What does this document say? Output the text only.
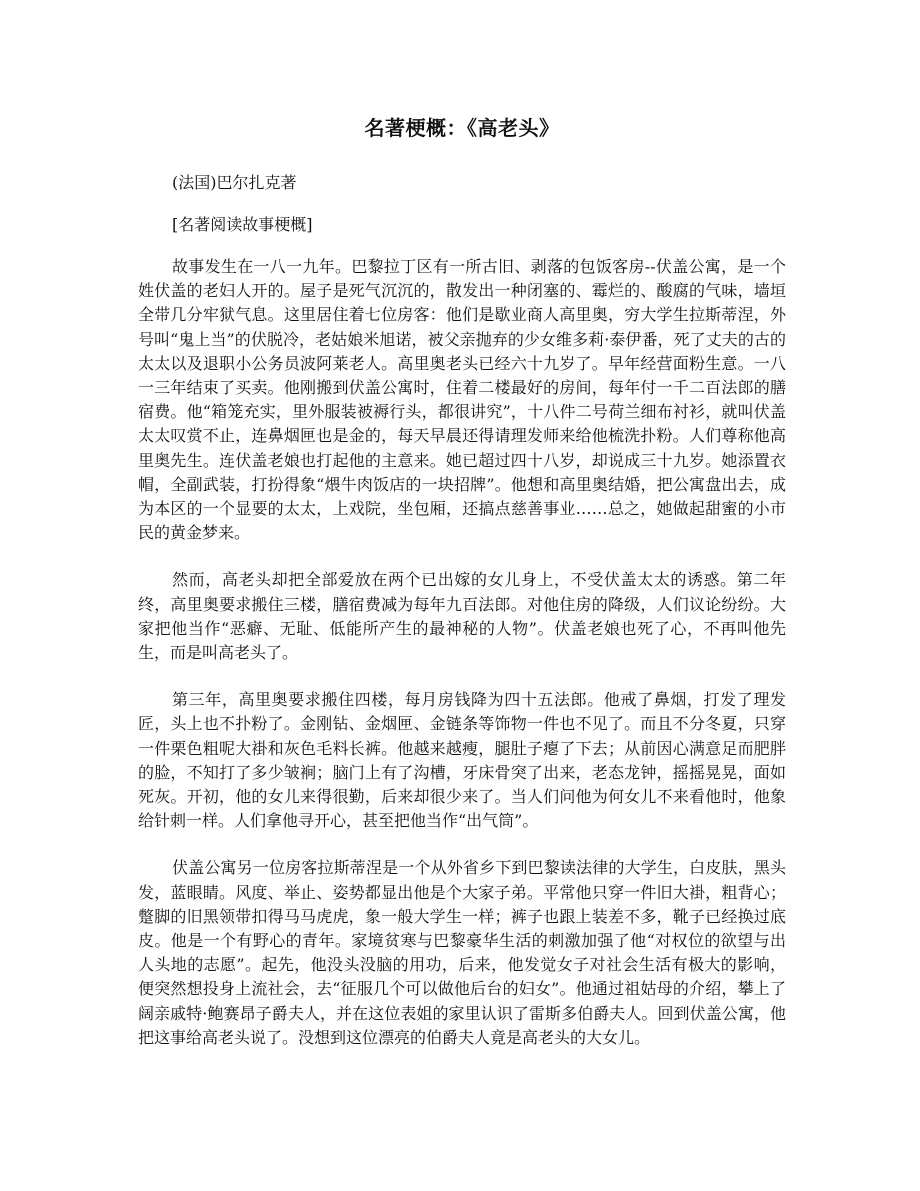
名著梗概：《高老头》

(法国)巴尔扎克著

[名著阅读故事梗概]

故事发生在一八一九年。巴黎拉丁区有一所古旧、剥落的包饭客房--伏盖公寓，是一个姓伏盖的老妇人开的。屋子是死气沉沉的，散发出一种闭塞的、霉烂的、酸腐的气味，墙垣全带几分牢狱气息。这里居住着七位房客：他们是歇业商人高里奥，穷大学生拉斯蒂涅，外号叫“鬼上当”的伏脱冷，老姑娘米旭诺，被父亲抛弃的少女维多莉·泰伊番，死了丈夫的古的太太以及退职小公务员波阿莱老人。高里奥老头已经六十九岁了。早年经营面粉生意。一八一三年结束了买卖。他刚搬到伏盖公寓时，住着二楼最好的房间，每年付一千二百法郎的膳宿费。他“箱笼充实，里外服装被褥行头，都很讲究”，十八件二号荷兰细布衬衫，就叫伏盖太太叹赏不止，连鼻烟匣也是金的，每天早晨还得请理发师来给他梳洗扑粉。人们尊称他高里奥先生。连伏盖老娘也打起他的主意来。她已超过四十八岁，却说成三十九岁。她添置衣帽，全副武装，打扮得象“煨牛肉饭店的一块招牌”。他想和高里奥结婚，把公寓盘出去，成为本区的一个显要的太太，上戏院，坐包厢，还搞点慈善事业……总之，她做起甜蜜的小市民的黄金梦来。

然而，高老头却把全部爱放在两个已出嫁的女儿身上，不受伏盖太太的诱惑。第二年终，高里奥要求搬住三楼，膳宿费减为每年九百法郎。对他住房的降级，人们议论纷纷。大家把他当作“恶癖、无耻、低能所产生的最神秘的人物”。伏盖老娘也死了心，不再叫他先生，而是叫高老头了。

第三年，高里奥要求搬住四楼，每月房钱降为四十五法郎。他戒了鼻烟，打发了理发匠，头上也不扑粉了。金刚钻、金烟匣、金链条等饰物一件也不见了。而且不分冬夏，只穿一件栗色粗呢大褂和灰色毛料长裤。他越来越瘦，腿肚子瘪了下去；从前因心满意足而肥胖的脸，不知打了多少皱裥；脑门上有了沟槽，牙床骨突了出来，老态龙钟，摇摇晃晃，面如死灰。开初，他的女儿来得很勤，后来却很少来了。当人们问他为何女儿不来看他时，他象给针刺一样。人们拿他寻开心，甚至把他当作“出气筒”。

伏盖公寓另一位房客拉斯蒂涅是一个从外省乡下到巴黎读法律的大学生，白皮肤，黑头发，蓝眼睛。风度、举止、姿势都显出他是个大家子弟。平常他只穿一件旧大褂，粗背心；蹩脚的旧黑领带扣得马马虎虎，象一般大学生一样；裤子也跟上装差不多，靴子已经换过底皮。他是一个有野心的青年。家境贫寒与巴黎豪华生活的刺激加强了他“对权位的欲望与出人头地的志愿”。起先，他没头没脑的用功，后来，他发觉女子对社会生活有极大的影响，便突然想投身上流社会，去“征服几个可以做他后台的妇女”。他通过祖姑母的介绍，攀上了阔亲戚特·鲍赛昂子爵夫人，并在这位表姐的家里认识了雷斯多伯爵夫人。回到伏盖公寓，他把这事给高老头说了。没想到这位漂亮的伯爵夫人竟是高老头的大女儿。
